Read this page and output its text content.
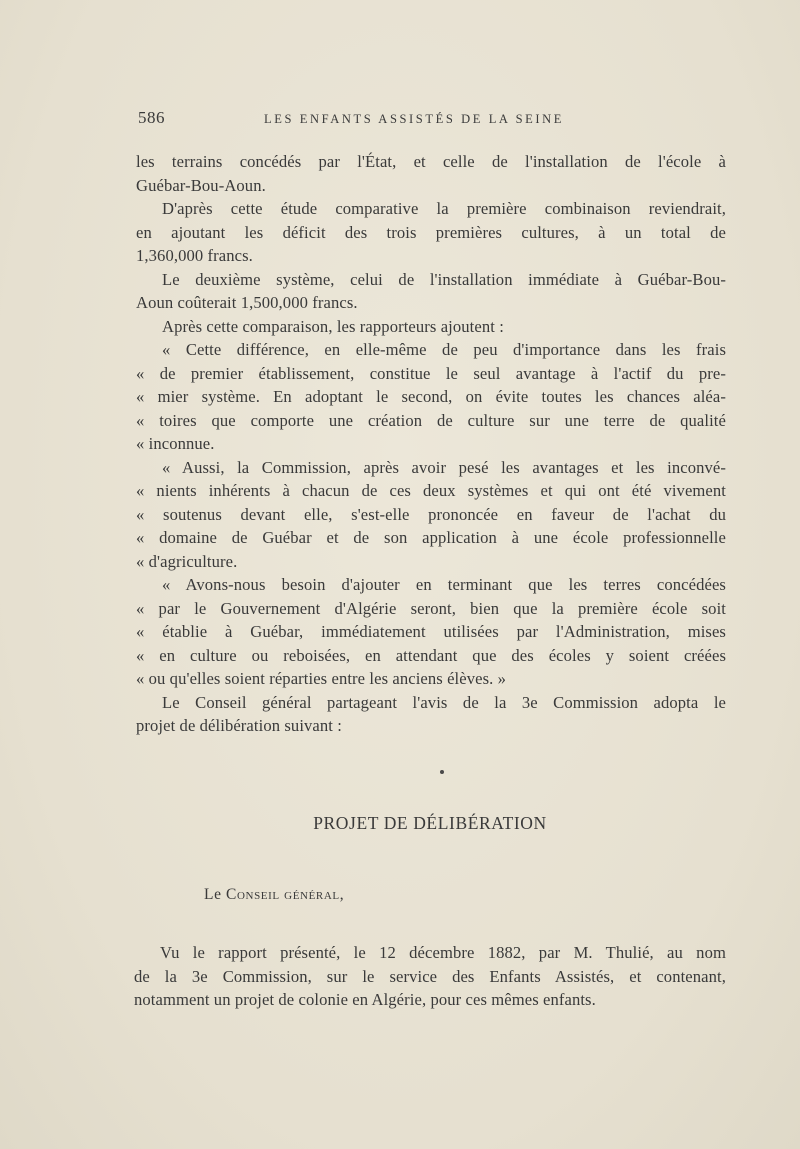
586	LES ENFANTS ASSISTÉS DE LA SEINE
les terrains concédés par l'État, et celle de l'installation de l'école à
Guébar-Bou-Aoun.
D'après cette étude comparative la première combinaison reviendrait,
en ajoutant les déficit des trois premières cultures, à un total de
1,360,000 francs.
Le deuxième système, celui de l'installation immédiate à Guébar-Bou-
Aoun coûterait 1,500,000 francs.
Après cette comparaison, les rapporteurs ajoutent :
« Cette différence, en elle-même de peu d'importance dans les frais
« de premier établissement, constitue le seul avantage à l'actif du pre-
« mier système. En adoptant le second, on évite toutes les chances aléa-
« toires que comporte une création de culture sur une terre de qualité
« inconnue.
« Aussi, la Commission, après avoir pesé les avantages et les inconvé-
« nients inhérents à chacun de ces deux systèmes et qui ont été vivement
« soutenus devant elle, s'est-elle prononcée en faveur de l'achat du
« domaine de Guébar et de son application à une école professionnelle
« d'agriculture.
« Avons-nous besoin d'ajouter en terminant que les terres concédées
« par le Gouvernement d'Algérie seront, bien que la première école soit
« établie à Guébar, immédiatement utilisées par l'Administration, mises
« en culture ou reboisées, en attendant que des écoles y soient créées
« ou qu'elles soient réparties entre les anciens élèves. »
Le Conseil général partageant l'avis de la 3e Commission adopta le
projet de délibération suivant :
PROJET DE DÉLIBÉRATION
Le Conseil général,
Vu le rapport présenté, le 12 décembre 1882, par M. Thulié, au nom
de la 3e Commission, sur le service des Enfants Assistés, et contenant,
notamment un projet de colonie en Algérie, pour ces mêmes enfants.
